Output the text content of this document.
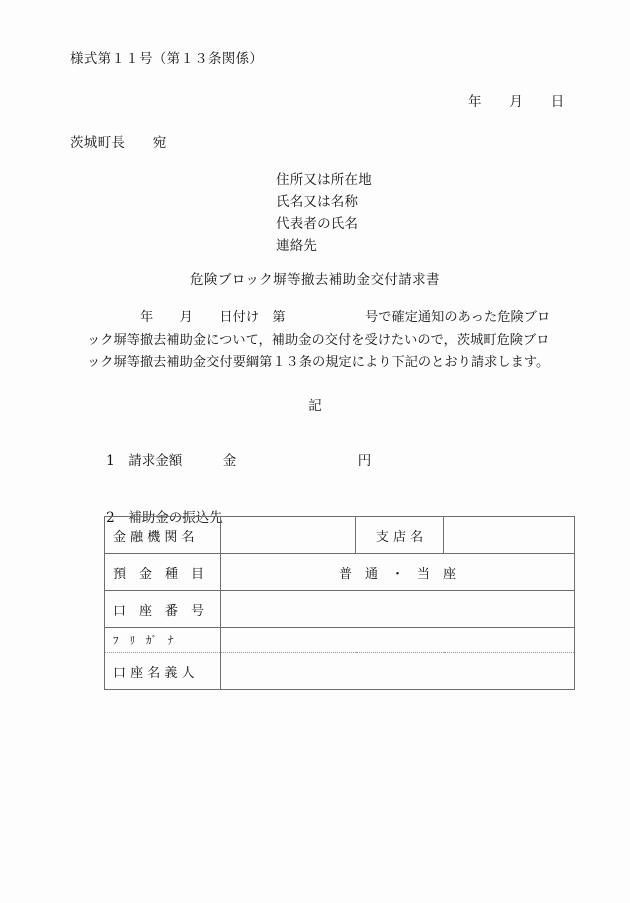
様式第１１号（第１３条関係）
年　　月　　日
茨城町長　　宛
住所又は所在地
氏名又は名称
代表者の氏名
連絡先
危険ブロック塀等撤去補助金交付請求書
　　　　年　　月　　日付け　第　　　　　　号で確定通知のあった危険ブロ
ック塀等撤去補助金について，補助金の交付を受けたいので，茨城町危険ブロ
ック塀等撤去補助金交付要綱第１３条の規定により下記のとおり請求します。
記

1　 請求金額　　　	金　　　　　　　　　	円

2　 補助金の振込先

金 融 機 関 名		支 店 名	
預　金　種　目	普　通　・　当　座		
口　座　番　号			
ﾌ　ﾘ　ｶﾞ　ﾅ			
口 座 名 義 人			
